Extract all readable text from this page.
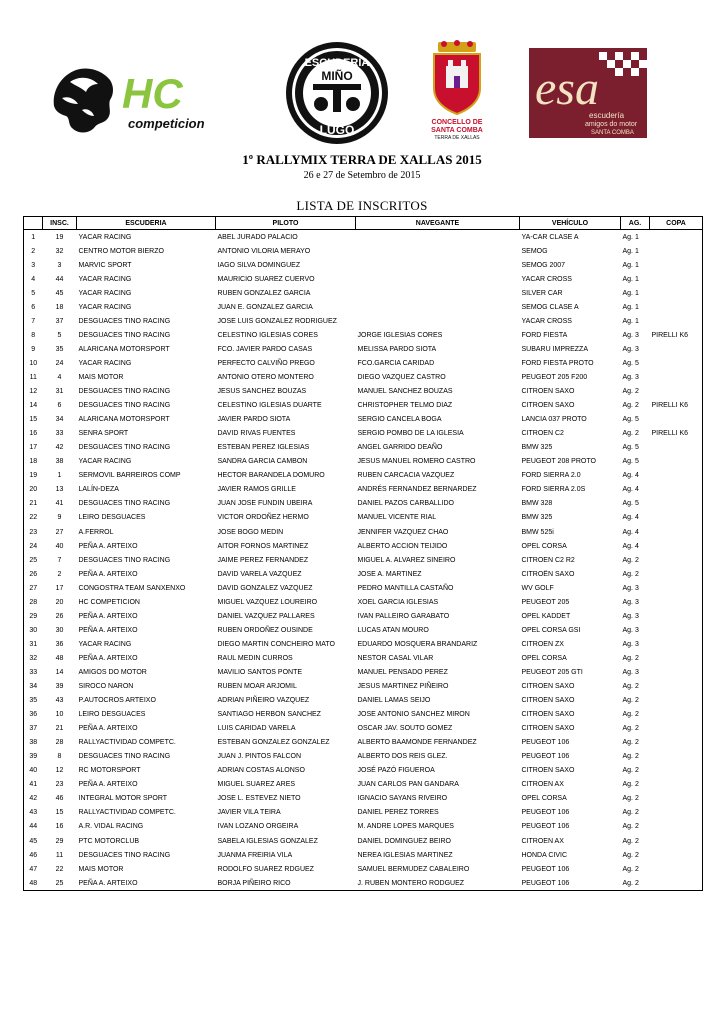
HC
competicion
ESCUDERIA
MIÑO
LUGO
CONCELLO DE
SANTA COMBA
TERRA DE XALLAS
esa
escudería
amigos do motor
SANTA COMBA
1º RALLYMIX TERRA DE XALLAS 2015
26 e 27 de Setembro de 2015
LISTA DE INSCRITOS
	INSC.	ESCUDERIA	PILOTO	NAVEGANTE	VEHÍCULO	AG.	COPA
1	19	YACAR RACING	ABEL JURADO PALACIO		YA-CAR CLASE A	Ag. 1	
2	32	CENTRO MOTOR BIERZO	ANTONIO VILORIA MERAYO		SEMOG	Ag. 1	
3	3	MARVIC SPORT	IAGO SILVA DOMINGUEZ		SEMOG 2007	Ag. 1	
4	44	YACAR RACING	MAURICIO SUAREZ CUERVO		YACAR CROSS	Ag. 1	
5	45	YACAR RACING	RUBEN GONZALEZ GARCIA		SILVER CAR	Ag. 1	
6	18	YACAR RACING	JUAN E. GONZALEZ GARCIA		SEMOG CLASE A	Ag. 1	
7	37	DESGUACES TINO RACING	JOSE LUIS GONZALEZ RODRIGUEZ		YACAR CROSS	Ag. 1	
8	5	DESGUACES TINO RACING	CELESTINO IGLESIAS CORES	JORGE IGLESIAS CORES	FORD FIESTA	Ag. 3	PIRELLI K6
9	35	ALARICANA MOTORSPORT	FCO. JAVIER PARDO CASAS	MELISSA PARDO SIOTA	SUBARU IMPREZZA	Ag. 3	
10	24	YACAR RACING	PERFECTO CALVIÑO PREGO	FCO.GARCIA CARIDAD	FORD FIESTA PROTO	Ag. 5	
11	4	MAIS MOTOR	ANTONIO OTERO MONTERO	DIEGO VAZQUEZ CASTRO	PEUGEOT 205 F200	Ag. 3	
12	31	DESGUACES TINO RACING	JESUS SANCHEZ BOUZAS	MANUEL SANCHEZ BOUZAS	CITROEN SAXO	Ag. 2	
14	6	DESGUACES TINO RACING	CELESTINO IGLESIAS DUARTE	CHRISTOPHER TELMO DIAZ	CITROEN SAXO	Ag. 2	PIRELLI K6
15	34	ALARICANA MOTORSPORT	JAVIER PARDO SIOTA	SERGIO CANCELA BOGA	LANCIA 037 PROTO	Ag. 5	
16	33	SENRA SPORT	DAVID RIVAS FUENTES	SERGIO POMBO DE LA IGLESIA	CITROEN C2	Ag. 2	PIRELLI K6
17	42	DESGUACES TINO RACING	ESTEBAN PEREZ IGLESIAS	ANGEL GARRIDO DEAÑO	BMW 325	Ag. 5	
18	38	YACAR RACING	SANDRA GARCIA CAMBON	JESUS MANUEL ROMERO CASTRO	PEUGEOT 208 PROTO	Ag. 5	
19	1	SERMOVIL BARREIROS COMP	HECTOR BARANDELA DOMURO	RUBEN CARCACIA VAZQUEZ	FORD SIERRA 2.0	Ag. 4	
20	13	LALÍN-DEZA	JAVIER RAMOS GRILLE	ANDRÉS FERNANDEZ BERNARDEZ	FORD SIERRA 2.0S	Ag. 4	
21	41	DESGUACES TINO RACING	JUAN JOSE FUNDIN UBEIRA	DANIEL PAZOS CARBALLIDO	BMW 328	Ag. 5	
22	9	LEIRO DESGUACES	VICTOR ORDOÑEZ HERMO	MANUEL VICENTE RIAL	BMW 325	Ag. 4	
23	27	A.FERROL	JOSE BOGO MEDIN	JENNIFER VAZQUEZ CHAO	BMW 525i	Ag. 4	
24	40	PEÑA A. ARTEIXO	AITOR FORNOS MARTINEZ	ALBERTO ACCION TEIJIDO	OPEL CORSA	Ag. 4	
25	7	DESGUACES TINO RACING	JAIME PEREZ FERNANDEZ	MIGUEL A. ALVAREZ SINEIRO	CITROEN C2 R2	Ag. 2	
26	2	PEÑA A. ARTEIXO	DAVID VARELA VAZQUEZ	JOSE A. MARTINEZ	CITROËN SAXO	Ag. 2	
27	17	CONGOSTRA TEAM SANXENXO	DAVID GONZALEZ VAZQUEZ	PEDRO MANTILLA CASTAÑO	WV GOLF	Ag. 3	
28	20	HC COMPETICION	MIGUEL VAZQUEZ LOUREIRO	XOEL GARCIA IGLESIAS	PEUGEOT 205	Ag. 3	
29	26	PEÑA A. ARTEIXO	DANIEL VAZQUEZ PALLARES	IVAN PALLEIRO GARABATO	OPEL KADDET	Ag. 3	
30	30	PEÑA A. ARTEIXO	RUBEN ORDOÑEZ OUSINDE	LUCAS ATAN MOURO	OPEL CORSA GSI	Ag. 3	
31	36	YACAR RACING	DIEGO MARTIN CONCHEIRO MATO	EDUARDO MOSQUERA BRANDARIZ	CITROEN ZX	Ag. 3	
32	48	PEÑA A. ARTEIXO	RAUL MEDIN CURROS	NESTOR CASAL VILAR	OPEL CORSA	Ag. 2	
33	14	AMIGOS DO MOTOR	MAVILIO SANTOS PONTE	MANUEL PENSADO PEREZ	PEUGEOT 205 GTI	Ag. 3	
34	39	SIROCO NARON	RUBEN MOAR ARJOMIL	JESUS MARTINEZ PIÑEIRO	CITROEN SAXO	Ag. 2	
35	43	P.AUTOCROS ARTEIXO	ADRIAN PIÑEIRO VAZQUEZ	DANIEL LAMAS SEIJO	CITROEN SAXO	Ag. 2	
36	10	LEIRO DESGUACES	SANTIAGO HERBON SANCHEZ	JOSE ANTONIO SANCHEZ MIRON	CITROEN SAXO	Ag. 2	
37	21	PEÑA A. ARTEIXO	LUIS CARIDAD VARELA	OSCAR JAV. SOUTO GOMEZ	CITROEN SAXO	Ag. 2	
38	28	RALLYACTIVIDAD COMPETC.	ESTEBAN GONZALEZ GONZALEZ	ALBERTO BAAMONDE FERNANDEZ	PEUGEOT 106	Ag. 2	
39	8	DESGUACES TINO RACING	JUAN J. PINTOS FALCON	ALBERTO DOS REIS GLEZ.	PEUGEOT 106	Ag. 2	
40	12	RC MOTORSPORT	ADRIAN COSTAS ALONSO	JOSÉ PAZÓ FIGUEROA	CITROEN SAXO	Ag. 2	
41	23	PEÑA A. ARTEIXO	MIGUEL SUAREZ ARES	JUAN CARLOS PAN GANDARA	CITROEN AX	Ag. 2	
42	46	INTEGRAL MOTOR SPORT	JOSE L. ESTEVEZ NIETO	IGNACIO SAYANS RIVEIRO	OPEL CORSA	Ag. 2	
43	15	RALLYACTIVIDAD COMPETC.	JAVIER VILA TEIRA	DANIEL PEREZ TORRES	PEUGEOT 106	Ag. 2	
44	16	A.R. VIDAL RACING	IVAN LOZANO ORGEIRA	M. ANDRE LOPES MARQUES	PEUGEOT 106	Ag. 2	
45	29	PTC MOTORCLUB	SABELA IGLESIAS GONZALEZ	DANIEL DOMINGUEZ BEIRO	CITROEN AX	Ag. 2	
46	11	DESGUACES TINO RACING	JUANMA FREIRIA VILA	NEREA IGLESIAS MARTINEZ	HONDA CIVIC	Ag. 2	
47	22	MAIS MOTOR	RODOLFO SUAREZ RDGUEZ	SAMUEL BERMUDEZ CABALEIRO	PEUGEOT 106	Ag. 2	
48	25	PEÑA A. ARTEIXO	BORJA PIÑEIRO RICO	J. RUBEN MONTERO RODGUEZ	PEUGEOT 106	Ag. 2	
